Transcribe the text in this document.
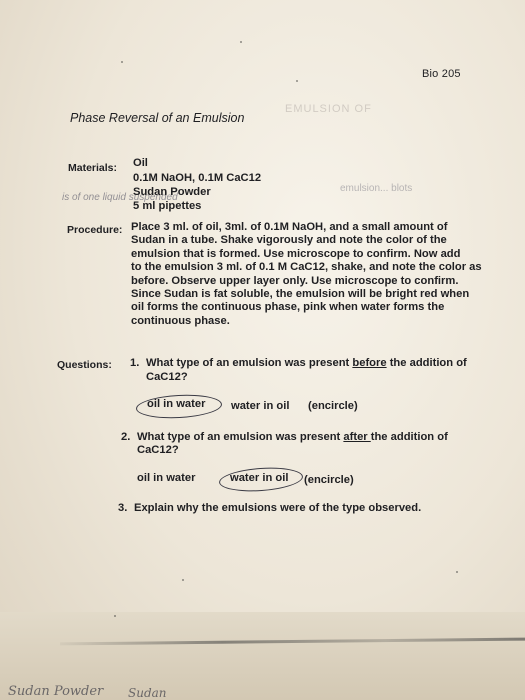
EMULSION OF
is of one liquid suspended
emulsion... blots
Bio 205
Phase Reversal of an Emulsion
Materials: Oil
0.1M NaOH, 0.1M CaC12
Sudan Powder
5 ml pipettes
Procedure: Place 3 ml. of oil, 3ml. of 0.1M NaOH, and a small amount of
Sudan in a tube. Shake vigorously and note the color of the
emulsion that is formed. Use microscope to confirm. Now add
to the emulsion 3 ml. of 0.1 M CaC12, shake, and note the color as
before. Observe upper layer only. Use microscope to confirm.
Since Sudan is fat soluble, the emulsion will be bright red when
oil forms the continuous phase, pink when water forms the
continuous phase.
Questions: 1. What type of an emulsion was present before the addition of
CaC12?
oil in water water in oil (encircle)
2. What type of an emulsion was present after the addition of
CaC12?
oil in water	water in oil (encircle)
3. Explain why the emulsions were of the type observed.
Sudan Powder Sudan
